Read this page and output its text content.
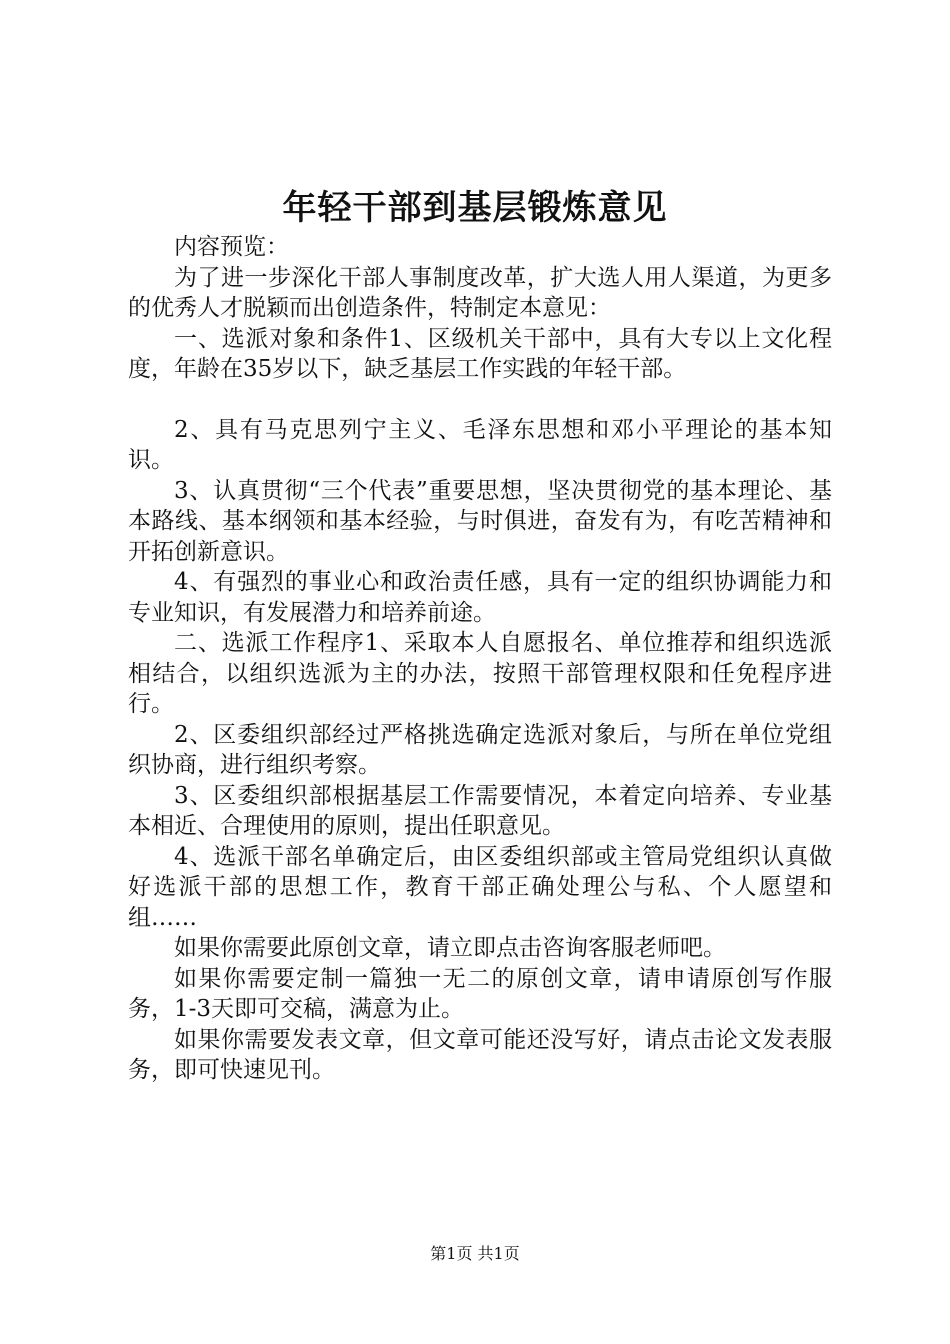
年轻干部到基层锻炼意见

内容预览：

为了进一步深化干部人事制度改革，扩大选人用人渠道，为更多的优秀人才脱颖而出创造条件，特制定本意见：

一、选派对象和条件1、区级机关干部中，具有大专以上文化程度，年龄在35岁以下，缺乏基层工作实践的年轻干部。

2、具有马克思列宁主义、毛泽东思想和邓小平理论的基本知识。

3、认真贯彻“三个代表”重要思想，坚决贯彻党的基本理论、基本路线、基本纲领和基本经验，与时俱进，奋发有为，有吃苦精神和开拓创新意识。

4、有强烈的事业心和政治责任感，具有一定的组织协调能力和专业知识，有发展潜力和培养前途。

二、选派工作程序1、采取本人自愿报名、单位推荐和组织选派相结合，以组织选派为主的办法，按照干部管理权限和任免程序进行。

2、区委组织部经过严格挑选确定选派对象后，与所在单位党组织协商，进行组织考察。

3、区委组织部根据基层工作需要情况，本着定向培养、专业基本相近、合理使用的原则，提出任职意见。

4、选派干部名单确定后，由区委组织部或主管局党组织认真做好选派干部的思想工作，教育干部正确处理公与私、个人愿望和组……

如果你需要此原创文章，请立即点击咨询客服老师吧。

如果你需要定制一篇独一无二的原创文章，请申请原创写作服务，1-3天即可交稿，满意为止。

如果你需要发表文章，但文章可能还没写好，请点击论文发表服务，即可快速见刊。

第1页 共1页
